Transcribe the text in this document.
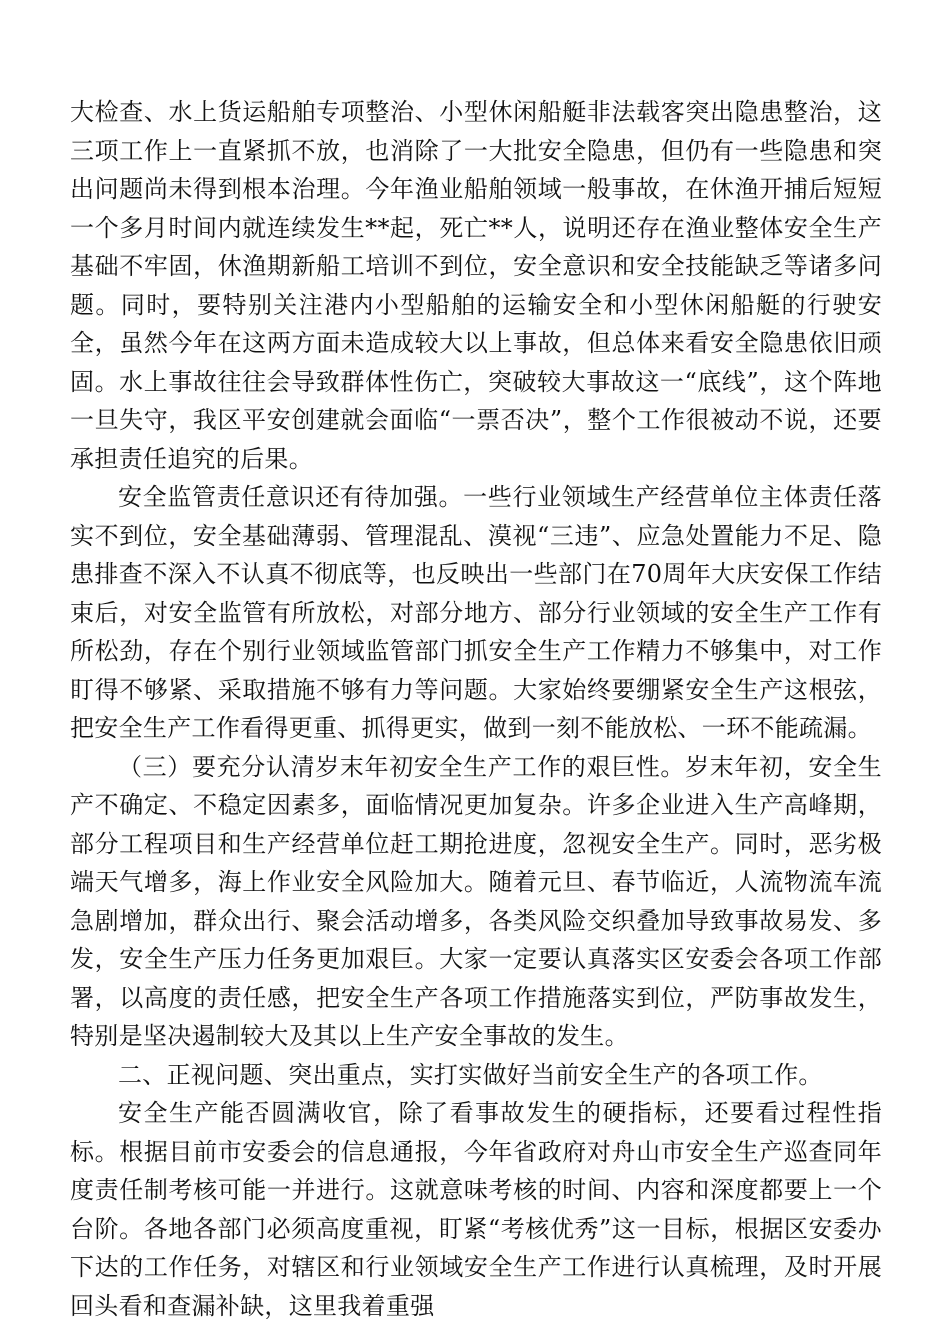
大检查、水上货运船舶专项整治、小型休闲船艇非法载客突出隐患整治，这三项工作上一直紧抓不放，也消除了一大批安全隐患，但仍有一些隐患和突出问题尚未得到根本治理。今年渔业船舶领域一般事故，在休渔开捕后短短一个多月时间内就连续发生**起，死亡**人，说明还存在渔业整体安全生产基础不牢固，休渔期新船工培训不到位，安全意识和安全技能缺乏等诸多问题。同时，要特别关注港内小型船舶的运输安全和小型休闲船艇的行驶安全，虽然今年在这两方面未造成较大以上事故，但总体来看安全隐患依旧顽固。水上事故往往会导致群体性伤亡，突破较大事故这一“底线”，这个阵地一旦失守，我区平安创建就会面临“一票否决”，整个工作很被动不说，还要承担责任追究的后果。

安全监管责任意识还有待加强。一些行业领域生产经营单位主体责任落实不到位，安全基础薄弱、管理混乱、漠视“三违”、应急处置能力不足、隐患排查不深入不认真不彻底等，也反映出一些部门在70周年大庆安保工作结束后，对安全监管有所放松，对部分地方、部分行业领域的安全生产工作有所松劲，存在个别行业领域监管部门抓安全生产工作精力不够集中，对工作盯得不够紧、采取措施不够有力等问题。大家始终要绷紧安全生产这根弦，把安全生产工作看得更重、抓得更实，做到一刻不能放松、一环不能疏漏。

（三）要充分认清岁末年初安全生产工作的艰巨性。岁末年初，安全生产不确定、不稳定因素多，面临情况更加复杂。许多企业进入生产高峰期，部分工程项目和生产经营单位赶工期抢进度，忽视安全生产。同时，恶劣极端天气增多，海上作业安全风险加大。随着元旦、春节临近，人流物流车流急剧增加，群众出行、聚会活动增多，各类风险交织叠加导致事故易发、多发，安全生产压力任务更加艰巨。大家一定要认真落实区安委会各项工作部署，以高度的责任感，把安全生产各项工作措施落实到位，严防事故发生，特别是坚决遏制较大及其以上生产安全事故的发生。

二、正视问题、突出重点，实打实做好当前安全生产的各项工作。

安全生产能否圆满收官，除了看事故发生的硬指标，还要看过程性指标。根据目前市安委会的信息通报，今年省政府对舟山市安全生产巡查同年度责任制考核可能一并进行。这就意味考核的时间、内容和深度都要上一个台阶。各地各部门必须高度重视，盯紧“考核优秀”这一目标，根据区安委办下达的工作任务，对辖区和行业领域安全生产工作进行认真梳理，及时开展回头看和查漏补缺，这里我着重强
